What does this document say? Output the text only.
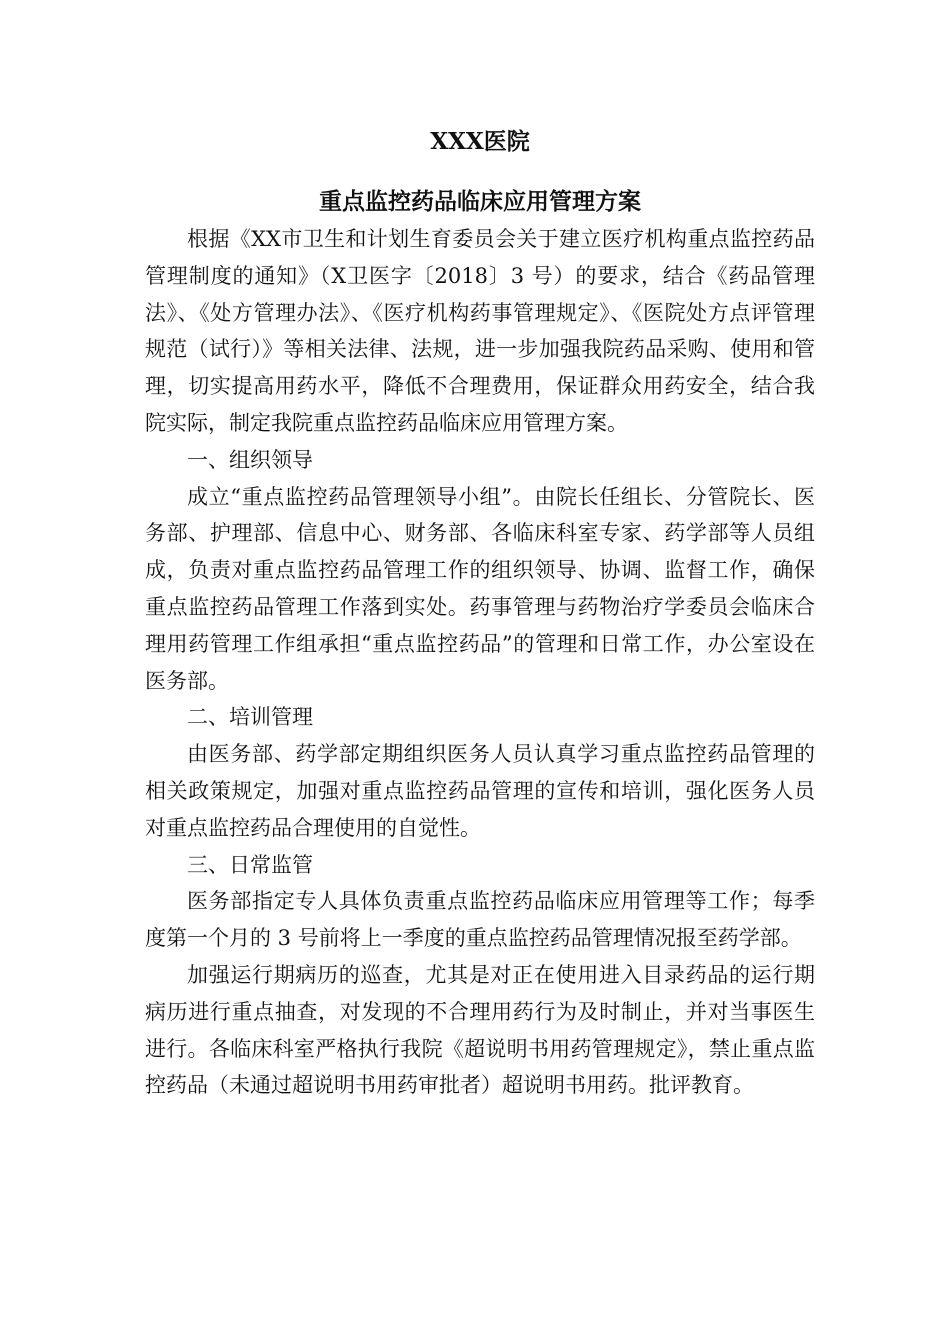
XXX医院
重点监控药品临床应用管理方案

根据《XX市卫生和计划生育委员会关于建立医疗机构重点监控药品管理制度的通知》（X卫医字〔2018〕3 号）的要求，结合《药品管理法》、《处方管理办法》、《医疗机构药事管理规定》、《医院处方点评管理规范（试行）》等相关法律、法规，进一步加强我院药品采购、使用和管理，切实提高用药水平，降低不合理费用，保证群众用药安全，结合我院实际，制定我院重点监控药品临床应用管理方案。

一、组织领导

成立“重点监控药品管理领导小组”。由院长任组长、分管院长、医务部、护理部、信息中心、财务部、各临床科室专家、药学部等人员组成，负责对重点监控药品管理工作的组织领导、协调、监督工作，确保重点监控药品管理工作落到实处。药事管理与药物治疗学委员会临床合理用药管理工作组承担“重点监控药品”的管理和日常工作，办公室设在医务部。

二、培训管理

由医务部、药学部定期组织医务人员认真学习重点监控药品管理的相关政策规定，加强对重点监控药品管理的宣传和培训，强化医务人员对重点监控药品合理使用的自觉性。

三、日常监管

医务部指定专人具体负责重点监控药品临床应用管理等工作；每季度第一个月的 3 号前将上一季度的重点监控药品管理情况报至药学部。

加强运行期病历的巡查，尤其是对正在使用进入目录药品的运行期病历进行重点抽查，对发现的不合理用药行为及时制止，并对当事医生进行。各临床科室严格执行我院《超说明书用药管理规定》，禁止重点监控药品（未通过超说明书用药审批者）超说明书用药。批评教育。
